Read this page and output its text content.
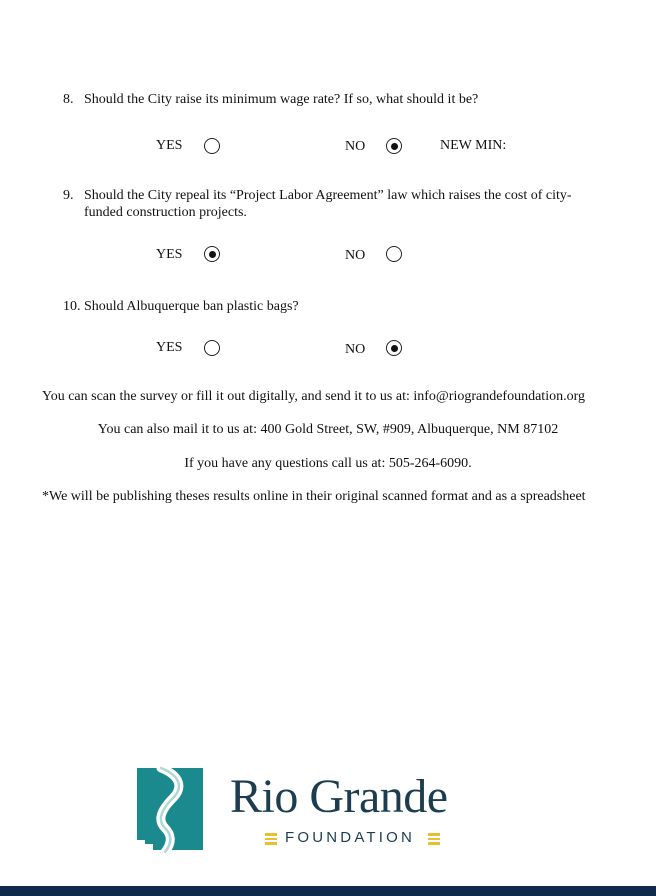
8. Should the City raise its minimum wage rate? If so, what should it be?
YES	NO	NEW MIN:
9. Should the City repeal its “Project Labor Agreement” law which raises the cost of city-
funded construction projects.
YES	NO
10. Should Albuquerque ban plastic bags?
YES	NO
You can scan the survey or fill it out digitally, and send it to us at: info@riograndefoundation.org
You can also mail it to us at: 400 Gold Street, SW, #909, Albuquerque, NM 87102
If you have any questions call us at: 505-264-6090.
*We will be publishing theses results online in their original scanned format and as a spreadsheet
Rio Grande
FOUNDATION
